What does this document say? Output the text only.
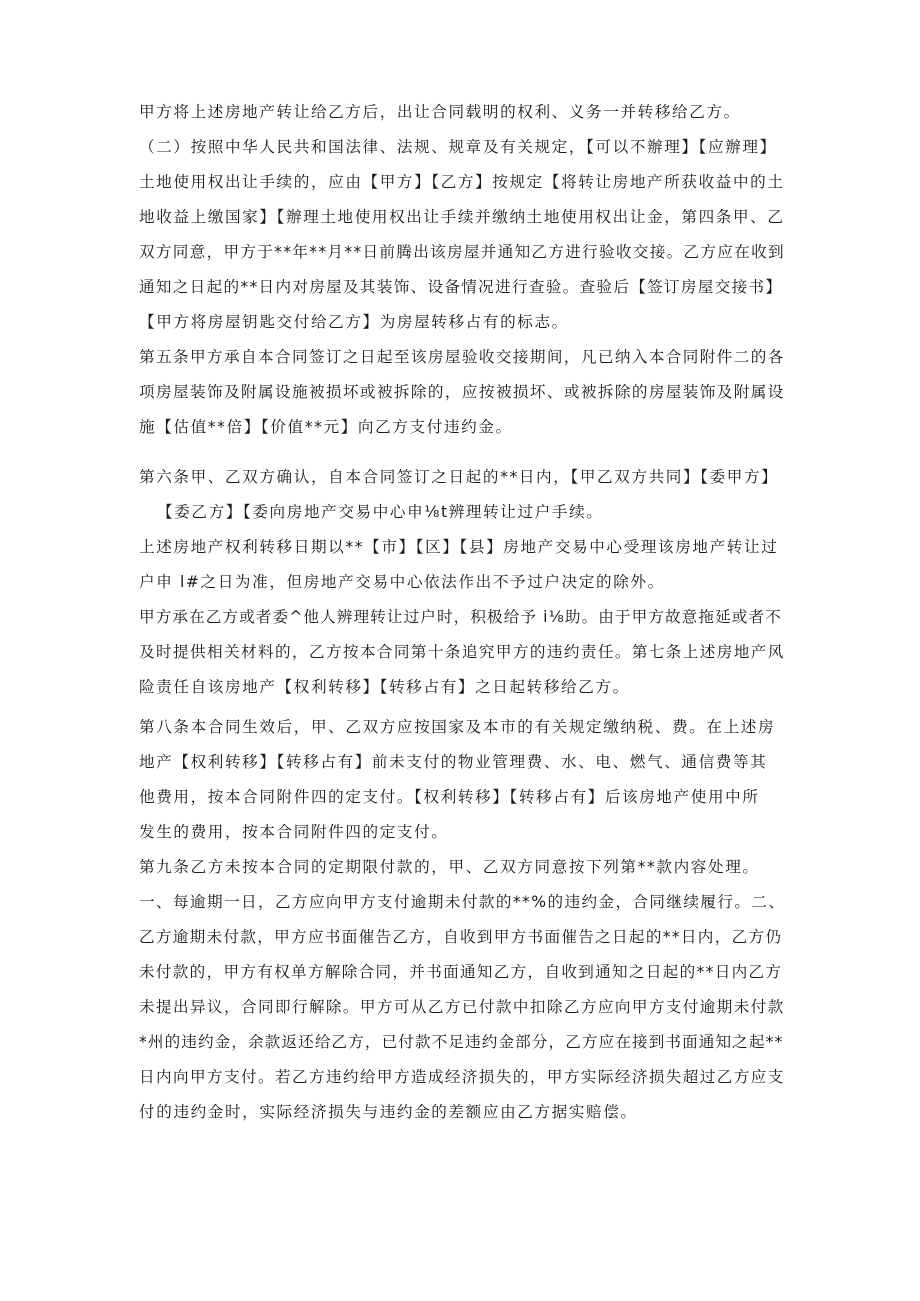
甲方将上述房地产转让给乙方后，出让合同载明的权利、义务一并转移给乙方。
（二）按照中华人民共和国法律、法规、规章及有关规定，【可以不辦理】【应辦理】
土地使用权出让手续的，应由【甲方】【乙方】按规定【将转让房地产所获收益中的土
地收益上缴国家】【辦理土地使用权出让手续并缴纳土地使用权出让金，第四条甲、乙
双方同意，甲方于**年**月**日前腾出该房屋并通知乙方进行验收交接。乙方应在收到
通知之日起的**日内对房屋及其装饰、设备情况进行查验。查验后【签订房屋交接书】
【甲方将房屋钥匙交付给乙方】为房屋转移占有的标志。
第五条甲方承自本合同签订之日起至该房屋验收交接期间，凡已纳入本合同附件二的各
项房屋装饰及附属设施被损坏或被拆除的，应按被损坏、或被拆除的房屋装饰及附属设
施【估值**倍】【价值**元】向乙方支付违约金。
第六条甲、乙双方确认，自本合同签订之日起的**日内，【甲乙双方共同】【委甲方】
【委乙方】【委向房地产交易中心申⅛t辨理转让过户手续。
上述房地产权利转移日期以**【市】【区】【县】房地产交易中心受理该房地产转让过
户申 l#之日为准，但房地产交易中心依法作出不予过户决定的除外。
甲方承在乙方或者委^他人辨理转让过户时，积极给予 i⅛助。由于甲方故意拖延或者不
及时提供相关材料的，乙方按本合同第十条追究甲方的违约责任。第七条上述房地产风
险责任自该房地产【权利转移】【转移占有】之日起转移给乙方。
第八条本合同生效后，甲、乙双方应按国家及本市的有关规定缴纳税、费。在上述房
地产【权利转移】【转移占有】前未支付的物业管理费、水、电、燃气、通信费等其
他费用，按本合同附件四的定支付。【权利转移】【转移占有】后该房地产使用中所
发生的费用，按本合同附件四的定支付。
第九条乙方未按本合同的定期限付款的，甲、乙双方同意按下列第**款内容处理。
一、每逾期一日，乙方应向甲方支付逾期未付款的**%的违约金，合同继续履行。二、
乙方逾期未付款，甲方应书面催告乙方，自收到甲方书面催告之日起的**日内，乙方仍
未付款的，甲方有权单方解除合同，并书面通知乙方，自收到通知之日起的**日内乙方
未提出异议，合同即行解除。甲方可从乙方已付款中扣除乙方应向甲方支付逾期未付款
*州的违约金，余款返还给乙方，已付款不足违约金部分，乙方应在接到书面通知之起**
日内向甲方支付。若乙方违约给甲方造成经济损失的，甲方实际经济损失超过乙方应支
付的违约金时，实际经济损失与违约金的差额应由乙方据实赔偿。
